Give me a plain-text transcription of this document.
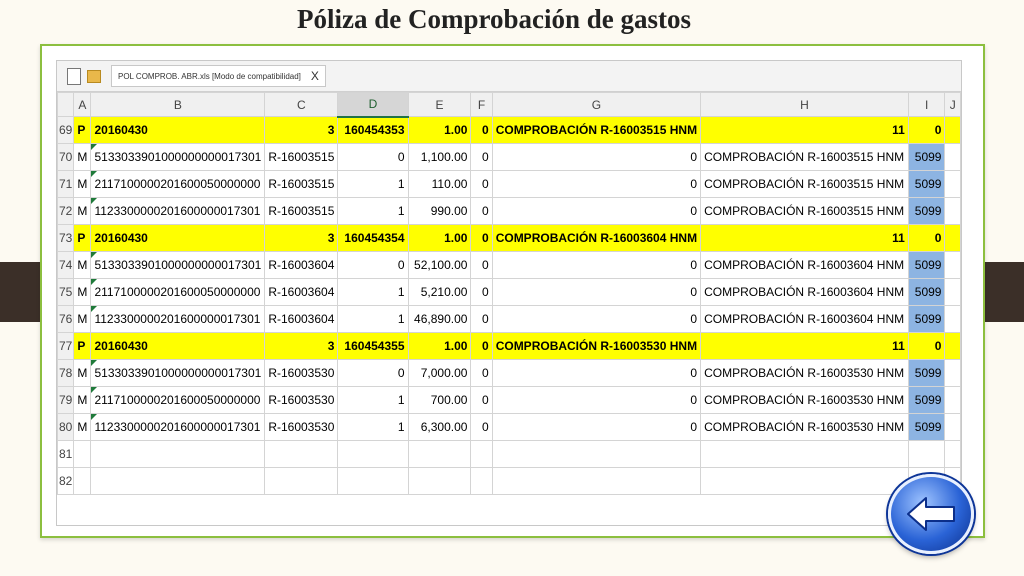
Póliza de Comprobación de gastos
POL COMPROB. ABR.xls [Modo de compatibilidad] X
	A	B	C	D	E	F	G	H	I	J
69	P	20160430	3	160454353	1.00	0	COMPROBACIÓN R-16003515 HNM	11	0	
70	M	5133033901000000000017301	R-16003515	0	1,100.00	0	0	COMPROBACIÓN R-16003515 HNM	5099	
71	M	2117100000201600050000000	R-16003515	1	110.00	0	0	COMPROBACIÓN R-16003515 HNM	5099	
72	M	1123300000201600000017301	R-16003515	1	990.00	0	0	COMPROBACIÓN R-16003515 HNM	5099	
73	P	20160430	3	160454354	1.00	0	COMPROBACIÓN R-16003604 HNM	11	0	
74	M	5133033901000000000017301	R-16003604	0	52,100.00	0	0	COMPROBACIÓN R-16003604 HNM	5099	
75	M	2117100000201600050000000	R-16003604	1	5,210.00	0	0	COMPROBACIÓN R-16003604 HNM	5099	
76	M	1123300000201600000017301	R-16003604	1	46,890.00	0	0	COMPROBACIÓN R-16003604 HNM	5099	
77	P	20160430	3	160454355	1.00	0	COMPROBACIÓN R-16003530 HNM	11	0	
78	M	5133033901000000000017301	R-16003530	0	7,000.00	0	0	COMPROBACIÓN R-16003530 HNM	5099	
79	M	2117100000201600050000000	R-16003530	1	700.00	0	0	COMPROBACIÓN R-16003530 HNM	5099	
80	M	1123300000201600000017301	R-16003530	1	6,300.00	0	0	COMPROBACIÓN R-16003530 HNM	5099	
81										
82										
